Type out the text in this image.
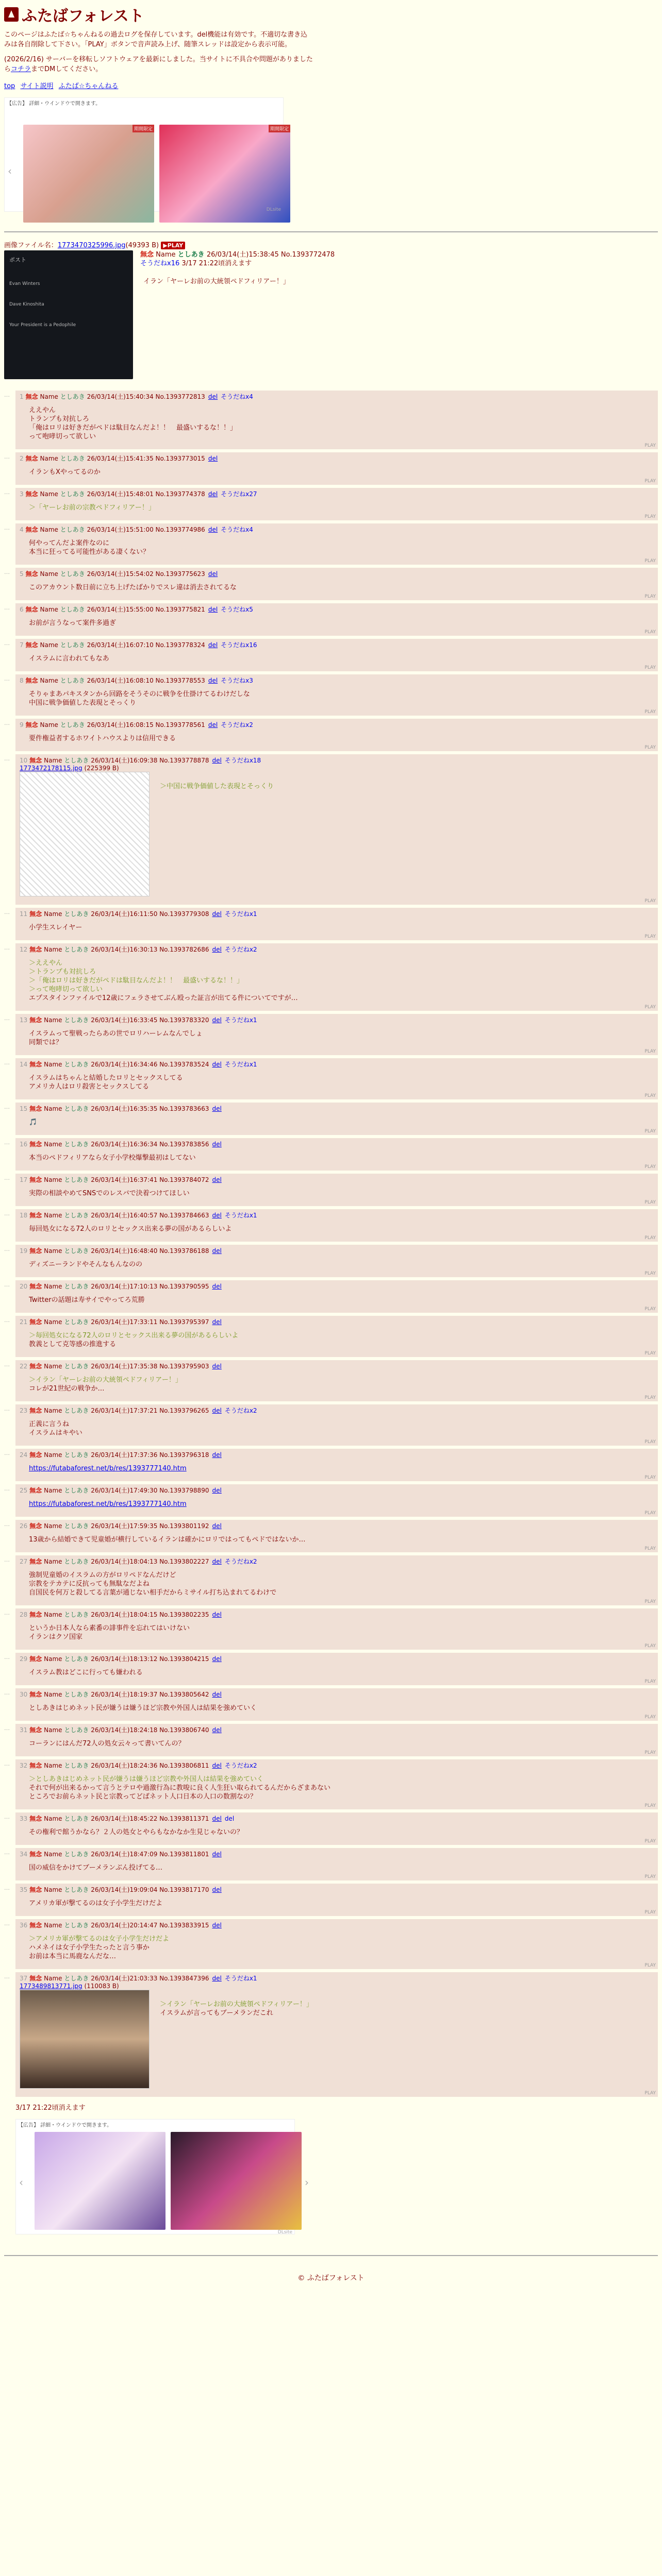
ふたばフォレスト
このページはふたば☆ちゃんねるの過去ログを保存しています。del機能は有効です。不適切な書き込みは各自削除して下さい。「PLAY」ボタンで音声読み上げ、随筆スレッドは設定から表示可能。
(2026/2/16) サーバーを移転しソフトウェアを最新にしました。当サイトに不具合や問題がありましたらコチラまでDMしてください。
top サイト説明 ふたば☆ちゃんねる
【広告】 詳細・ウインドウで開きます。
‹
期間限定	期間限定
DLsite
画像ファイル名：1773470325996.jpg(49393 B) ▶PLAY
ポスト
Evan Winters
Dave Kinoshita
Your President is a Pedophile
無念 Name としあき 26/03/14(土)15:38:45 No.1393772478
そうだねx16 3/17 21:22頃消えます
イラン「ヤーレお前の大統領ペドフィリアー！」
…	1 無念 Name としあき 26/03/14(土)15:40:34 No.1393772813 del そうだねx4
ええやん
トランプも対抗しろ
「俺はロリは好きだがペドは駄目なんだよ！！　最盛いするな！！」
って咆哮切って欲しい
PLAY
…	2 無念 Name としあき 26/03/14(土)15:41:35 No.1393773015 del
イランもXやってるのか
PLAY
…	3 無念 Name としあき 26/03/14(土)15:48:01 No.1393774378 del そうだねx27
＞「ヤーレお前の宗教ペドフィリアー！」
PLAY
…	4 無念 Name としあき 26/03/14(土)15:51:00 No.1393774986 del そうだねx4
何やってんだよ案件なのに
本当に狂ってる可能性がある凄くない？
PLAY
…	5 無念 Name としあき 26/03/14(土)15:54:02 No.1393775623 del
このアカウント数日前に立ち上げたばかりでスレ違は消去されてるな
PLAY
…	6 無念 Name としあき 26/03/14(土)15:55:00 No.1393775821 del そうだねx5
お前が言うなって案件多過ぎ
PLAY
…	7 無念 Name としあき 26/03/14(土)16:07:10 No.1393778324 del そうだねx16
イスラムに言われてもなあ
PLAY
…	8 無念 Name としあき 26/03/14(土)16:08:10 No.1393778553 del そうだねx3
そりゃまあパキスタンから回路をそうそのに戦争を仕掛けてるわけだしな
中国に戦争価値した表現とそっくり
PLAY
…	9 無念 Name としあき 26/03/14(土)16:08:15 No.1393778561 del そうだねx2
要件権益者するホワイトハウスよりは信用できる
PLAY
…	10 無念 Name としあき 26/03/14(土)16:09:38 No.1393778878 del そうだねx18
1773472178115.jpg (225399 B)
＞中国に戦争価値した表現とそっくり
PLAY
…	11 無念 Name としあき 26/03/14(土)16:11:50 No.1393779308 del そうだねx1
小学生スレイヤー
PLAY
…	12 無念 Name としあき 26/03/14(土)16:30:13 No.1393782686 del そうだねx2
＞ええやん
＞トランプも対抗しろ
＞「俺はロリは好きだがペドは駄目なんだよ！！　最盛いするな！！」
＞って咆哮切って欲しい
エプスタインファイルで12歳にフェラさせてぶん殴った証言が出てる件についてですが…
PLAY
…	13 無念 Name としあき 26/03/14(土)16:33:45 No.1393783320 del そうだねx1
イスラムって聖戦ったらあの世でロリハーレムなんでしょ
同類では？
PLAY
…	14 無念 Name としあき 26/03/14(土)16:34:46 No.1393783524 del そうだねx1
イスラムはちゃんと結婚したロリとセックスしてる
アメリカ人はロリ殺害とセックスしてる
PLAY
…	15 無念 Name としあき 26/03/14(土)16:35:35 No.1393783663 del
🎵
PLAY
…	16 無念 Name としあき 26/03/14(土)16:36:34 No.1393783856 del
本当のペドフィリアなら女子小学校爆撃最初はしてない
PLAY
…	17 無念 Name としあき 26/03/14(土)16:37:41 No.1393784072 del
実際の相談やめてSNSでのレスバで決着つけてほしい
PLAY
…	18 無念 Name としあき 26/03/14(土)16:40:57 No.1393784663 del そうだねx1
毎回処女になる72人のロリとセックス出来る夢の国があるらしいよ
PLAY
…	19 無念 Name としあき 26/03/14(土)16:48:40 No.1393786188 del
ディズニーランドやそんなもんなのの
PLAY
…	20 無念 Name としあき 26/03/14(土)17:10:13 No.1393790595 del
Twitterの話題は寿サイでやってろ荒勝
PLAY
…	21 無念 Name としあき 26/03/14(土)17:33:11 No.1393795397 del
＞毎回処女になる72人のロリとセックス出来る夢の国があるらしいよ
教義として克等感の推進する
PLAY
…	22 無念 Name としあき 26/03/14(土)17:35:38 No.1393795903 del
＞イラン「ヤーレお前の大統領ペドフィリアー！」
コレが21世紀の戦争か…
PLAY
…	23 無念 Name としあき 26/03/14(土)17:37:21 No.1393796265 del そうだねx2
正義に言うね
イスラムはキやい
PLAY
…	24 無念 Name としあき 26/03/14(土)17:37:36 No.1393796318 del
https://futabaforest.net/b/res/1393777140.htm
PLAY
…	25 無念 Name としあき 26/03/14(土)17:49:30 No.1393798890 del
https://futabaforest.net/b/res/1393777140.htm
PLAY
…	26 無念 Name としあき 26/03/14(土)17:59:35 No.1393801192 del
13歳から結婚できて児童婚が横行しているイランは確かにロリではってもペドではないか…
PLAY
…	27 無念 Name としあき 26/03/14(土)18:04:13 No.1393802227 del そうだねx2
強制児童婚のイスラムの方がロリペドなんだけど
宗教をテカテに反抗っても無駄なだよね
自国民を何万と殺してる言葉が通じない相手だからミサイル打ち込まれてるわけで
PLAY
…	28 無念 Name としあき 26/03/14(土)18:04:15 No.1393802235 del
というか日本人なら素番の誹事件を忘れてはいけない
イランはクソ国家
PLAY
…	29 無念 Name としあき 26/03/14(土)18:13:12 No.1393804215 del
イスラム教はどこに行っても嫌われる
PLAY
…	30 無念 Name としあき 26/03/14(土)18:19:37 No.1393805642 del
としあきはじめネット民が嫌うは嫌うほど宗教や外国人は結果を強めていく
PLAY
…	31 無念 Name としあき 26/03/14(土)18:24:18 No.1393806740 del
コーランにはんだ72人の処女云々って書いてんの？
PLAY
…	32 無念 Name としあき 26/03/14(土)18:24:36 No.1393806811 del そうだねx2
＞としあきはじめネット民が嫌うは嫌うほど宗教や外国人は結果を強めていく
それで何が出来るかって言うとテロや過激行為に教唆に良く人生狂い取られてるんだからざまあない
ところでお前らネット民と宗教ってどばネット人口日本の人口の数割なの？
PLAY
…	33 無念 Name としあき 26/03/14(土)18:45:22 No.1393811371 del del
その権利で館うかなら？２人の処女とやらもなかなか生見じゃないの？
PLAY
…	34 無念 Name としあき 26/03/14(土)18:47:09 No.1393811801 del
国の威信をかけてブーメランぶん投げてる…
PLAY
…	35 無念 Name としあき 26/03/14(土)19:09:04 No.1393817170 del
アメリカ軍が撃てるのは女子小学生だけだよ
PLAY
…	36 無念 Name としあき 26/03/14(土)20:14:47 No.1393833915 del
＞アメリカ軍が撃てるのは女子小学生だけだよ
ハメネイは女子小学生たったと言う事か
お前は本当に馬鹿なんだな…
PLAY
…	37 無念 Name としあき 26/03/14(土)21:03:33 No.1393847396 del そうだねx1
1773489813771.jpg (110083 B)
＞イラン「ヤーレお前の大統領ペドフィリアー！」
イスラムが言ってもブーメランだこれ
PLAY
3/17 21:22頃消えます
【広告】 詳細・ウインドウで開きます。
‹	›
DLsite
© ふたばフォレスト
